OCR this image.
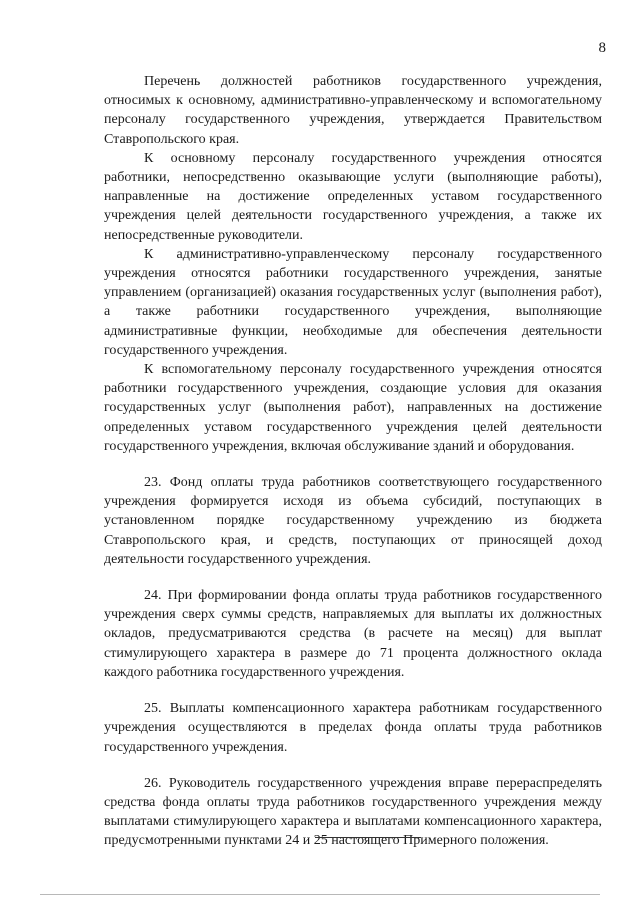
8

Перечень должностей работников государственного учреждения, относимых к основному, административно-управленческому и вспомогательному персоналу государственного учреждения, утверждается Правительством Ставропольского края.

К основному персоналу государственного учреждения относятся работники, непосредственно оказывающие услуги (выполняющие работы), направленные на достижение определенных уставом государственного учреждения целей деятельности государственного учреждения, а также их непосредственные руководители.

К административно-управленческому персоналу государственного учреждения относятся работники государственного учреждения, занятые управлением (организацией) оказания государственных услуг (выполнения работ), а также работники государственного учреждения, выполняющие административные функции, необходимые для обеспечения деятельности государственного учреждения.

К вспомогательному персоналу государственного учреждения относятся работники государственного учреждения, создающие условия для оказания государственных услуг (выполнения работ), направленных на достижение определенных уставом государственного учреждения целей деятельности государственного учреждения, включая обслуживание зданий и оборудования.

23. Фонд оплаты труда работников соответствующего государственного учреждения формируется исходя из объема субсидий, поступающих в установленном порядке государственному учреждению из бюджета Ставропольского края, и средств, поступающих от приносящей доход деятельности государственного учреждения.

24. При формировании фонда оплаты труда работников государственного учреждения сверх суммы средств, направляемых для выплаты их должностных окладов, предусматриваются средства (в расчете на месяц) для выплат стимулирующего характера в размере до 71 процента должностного оклада каждого работника государственного учреждения.

25. Выплаты компенсационного характера работникам государственного учреждения осуществляются в пределах фонда оплаты труда работников государственного учреждения.

26. Руководитель государственного учреждения вправе перераспределять средства фонда оплаты труда работников государственного учреждения между выплатами стимулирующего характера и выплатами компенсационного характера, предусмотренными пунктами 24 и 25 настоящего Примерного положения.
